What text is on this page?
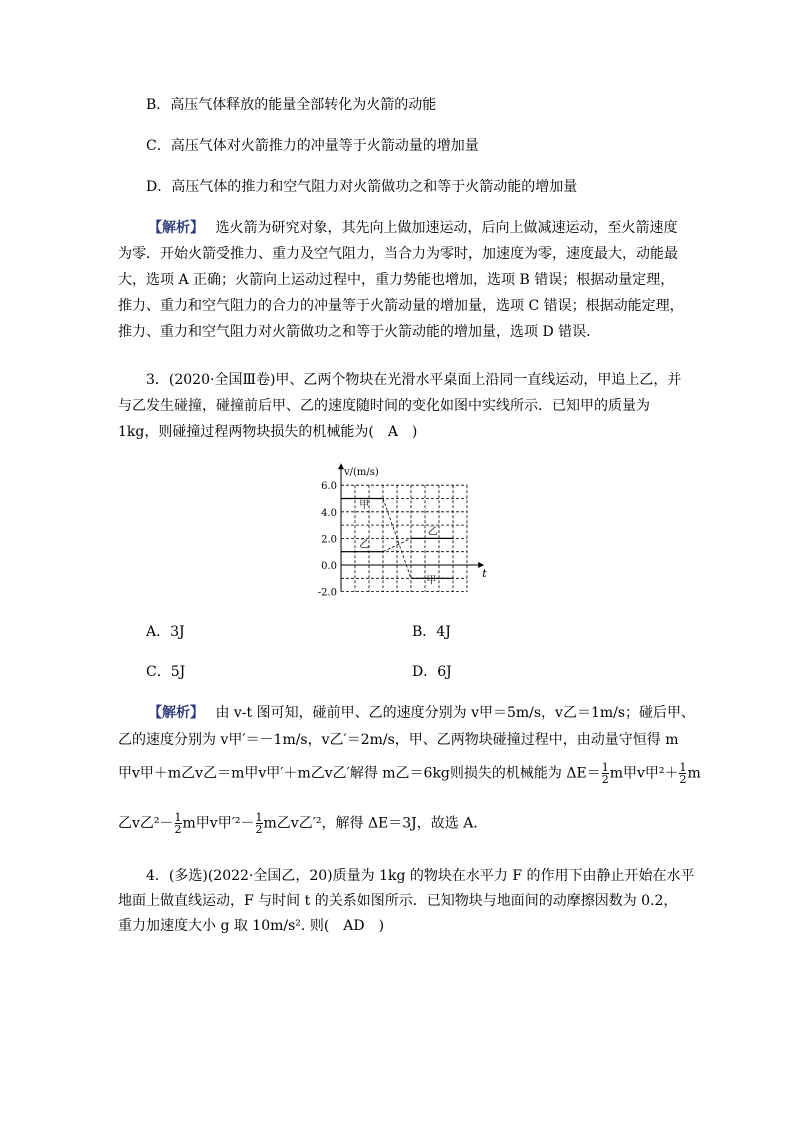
B．高压气体释放的能量全部转化为火箭的动能
C．高压气体对火箭推力的冲量等于火箭动量的增加量
D．高压气体的推力和空气阻力对火箭做功之和等于火箭动能的增加量
【解析】　 选火箭为研究对象，其先向上做加速运动，后向上做减速运动，至火箭速度
为零．开始火箭受推力、重力及空气阻力，当合力为零时，加速度为零，速度最大，动能最
大，选项 A 正确；火箭向上运动过程中，重力势能也增加，选项 B 错误；根据动量定理，
推力、重力和空气阻力的合力的冲量等于火箭动量的增加量，选项 C 错误；根据动能定理，
推力、重力和空气阻力对火箭做功之和等于火箭动能的增加量，选项 D 错误．
3．(2020·全国Ⅲ卷)甲、乙两个物块在光滑水平桌面上沿同一直线运动，甲追上乙，并
与乙发生碰撞，碰撞前后甲、乙的速度随时间的变化如图中实线所示．已知甲的质量为
1kg，则碰撞过程两物块损失的机械能为(　A　)
v/(m/s)
t
6.0
4.0
2.0
0.0
-2.0
甲
乙
乙
甲
A．3J	B．4J
C．5J	D．6J
【解析】　 由 v-t 图可知，碰前甲、乙的速度分别为 v甲＝5m/s，v乙＝1m/s；碰后甲、
乙的速度分别为 v甲′＝－1m/s，v乙′＝2m/s，甲、乙两物块碰撞过程中，由动量守恒得 m
甲v甲＋m乙v乙＝m甲v甲′＋m乙v乙′解得 m乙＝6kg则损失的机械能为 $\Delta E= \frac{1}{2}$ m甲v甲$^2+ \frac{1}{2}$ m
乙v乙$^2- \frac{1}{2}$ m甲v甲$'^2- \frac{1}{2}$ m乙v乙′²，解得 ΔE＝3J，故选 A．
4．(多选)(2022·全国乙，20)质量为 1kg 的物块在水平力 F 的作用下由静止开始在水平
地面上做直线运动，F 与时间 t 的关系如图所示．已知物块与地面间的动摩擦因数为 0.2，
重力加速度大小 g 取 10m/s². 则(　AD　)
